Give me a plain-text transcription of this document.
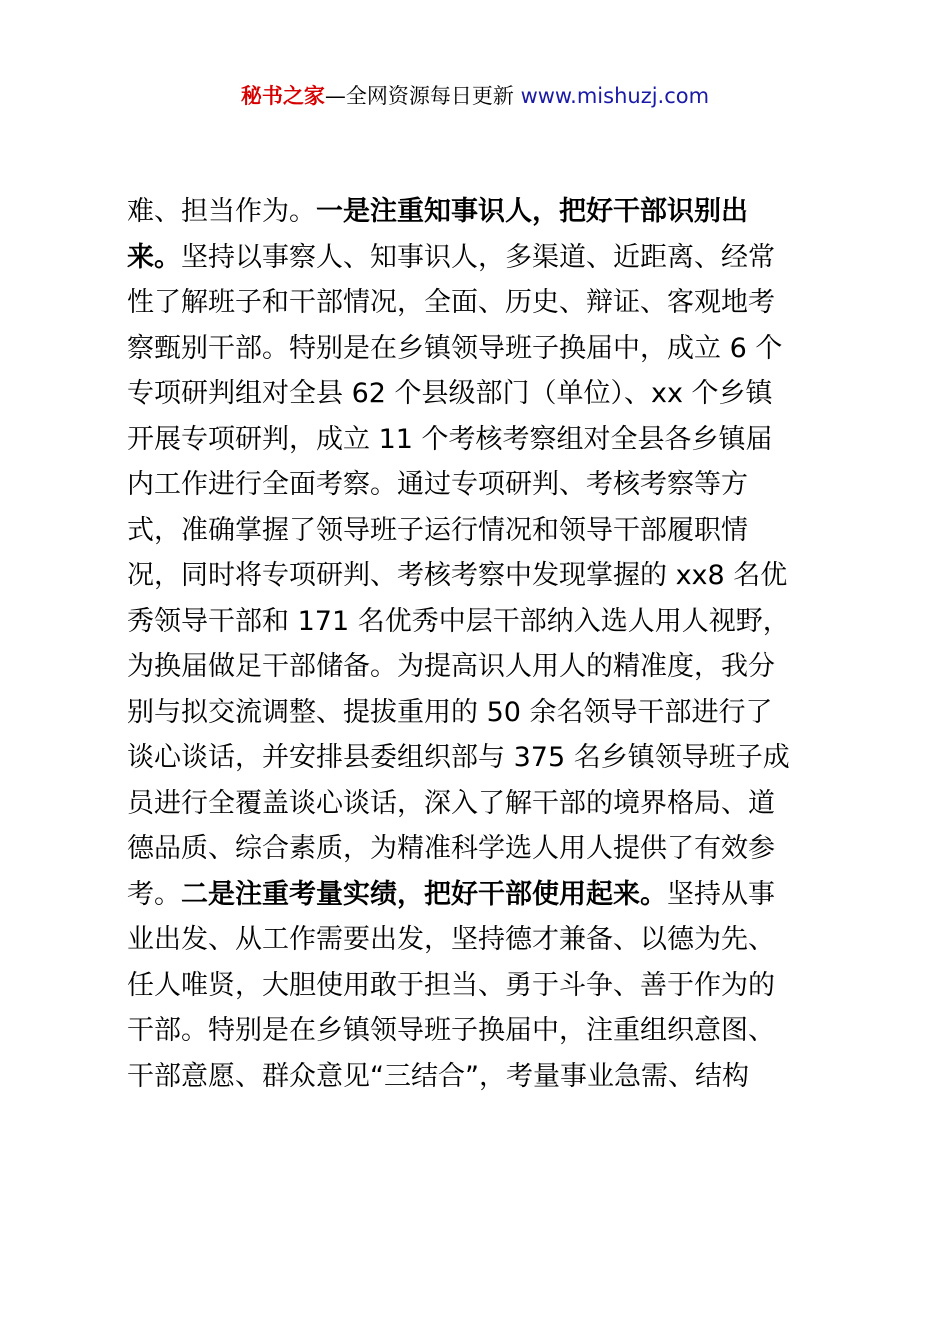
秘书之家—全网资源每日更新 www.mishuzj.com
难、担当作为。一是注重知事识人，把好干部识别出
来。坚持以事察人、知事识人，多渠道、近距离、经常
性了解班子和干部情况，全面、历史、辩证、客观地考
察甄别干部。特别是在乡镇领导班子换届中，成立 6 个
专项研判组对全县 62 个县级部门（单位）、xx 个乡镇
开展专项研判，成立 11 个考核考察组对全县各乡镇届
内工作进行全面考察。通过专项研判、考核考察等方
式，准确掌握了领导班子运行情况和领导干部履职情
况，同时将专项研判、考核考察中发现掌握的 xx8 名优
秀领导干部和 171 名优秀中层干部纳入选人用人视野，
为换届做足干部储备。为提高识人用人的精准度，我分
别与拟交流调整、提拔重用的 50 余名领导干部进行了
谈心谈话，并安排县委组织部与 375 名乡镇领导班子成
员进行全覆盖谈心谈话，深入了解干部的境界格局、道
德品质、综合素质，为精准科学选人用人提供了有效参
考。二是注重考量实绩，把好干部使用起来。坚持从事
业出发、从工作需要出发，坚持德才兼备、以德为先、
任人唯贤，大胆使用敢于担当、勇于斗争、善于作为的
干部。特别是在乡镇领导班子换届中，注重组织意图、
干部意愿、群众意见“三结合”，考量事业急需、结构
